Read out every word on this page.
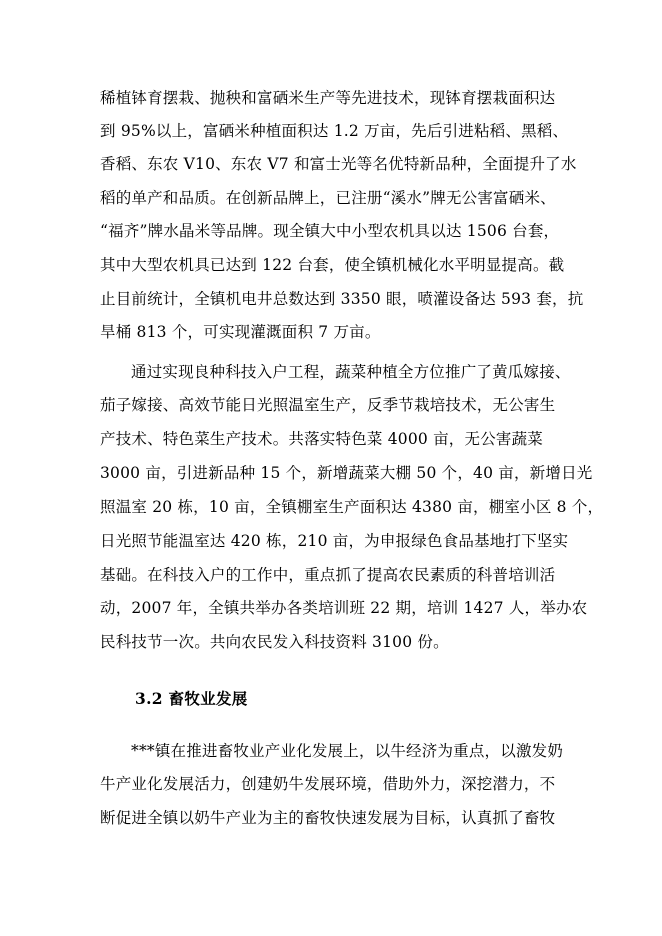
稀植钵育摆栽、抛秧和富硒米生产等先进技术，现钵育摆栽面积达
到 95%以上，富硒米种植面积达 1.2 万亩，先后引进粘稻、黑稻、
香稻、东农 V10、东农 V7 和富士光等名优特新品种，全面提升了水
稻的单产和品质。在创新品牌上，已注册“溪水”牌无公害富硒米、
“福齐”牌水晶米等品牌。现全镇大中小型农机具以达 1506 台套，
其中大型农机具已达到 122 台套，使全镇机械化水平明显提高。截
止目前统计，全镇机电井总数达到 3350 眼，喷灌设备达 593 套，抗
旱桶 813 个，可实现灌溉面积 7 万亩。
通过实现良种科技入户工程，蔬菜种植全方位推广了黄瓜嫁接、
茄子嫁接、高效节能日光照温室生产，反季节栽培技术，无公害生
产技术、特色菜生产技术。共落实特色菜 4000 亩，无公害蔬菜
3000 亩，引进新品种 15 个，新增蔬菜大棚 50 个，40 亩，新增日光
照温室 20 栋，10 亩，全镇棚室生产面积达 4380 亩，棚室小区 8 个，
日光照节能温室达 420 栋，210 亩，为申报绿色食品基地打下坚实
基础。在科技入户的工作中，重点抓了提高农民素质的科普培训活
动，2007 年，全镇共举办各类培训班 22 期，培训 1427 人，举办农
民科技节一次。共向农民发入科技资料 3100 份。
3.2 畜牧业发展
***镇在推进畜牧业产业化发展上，以牛经济为重点，以激发奶
牛产业化发展活力，创建奶牛发展环境，借助外力，深挖潜力，不
断促进全镇以奶牛产业为主的畜牧快速发展为目标，认真抓了畜牧
